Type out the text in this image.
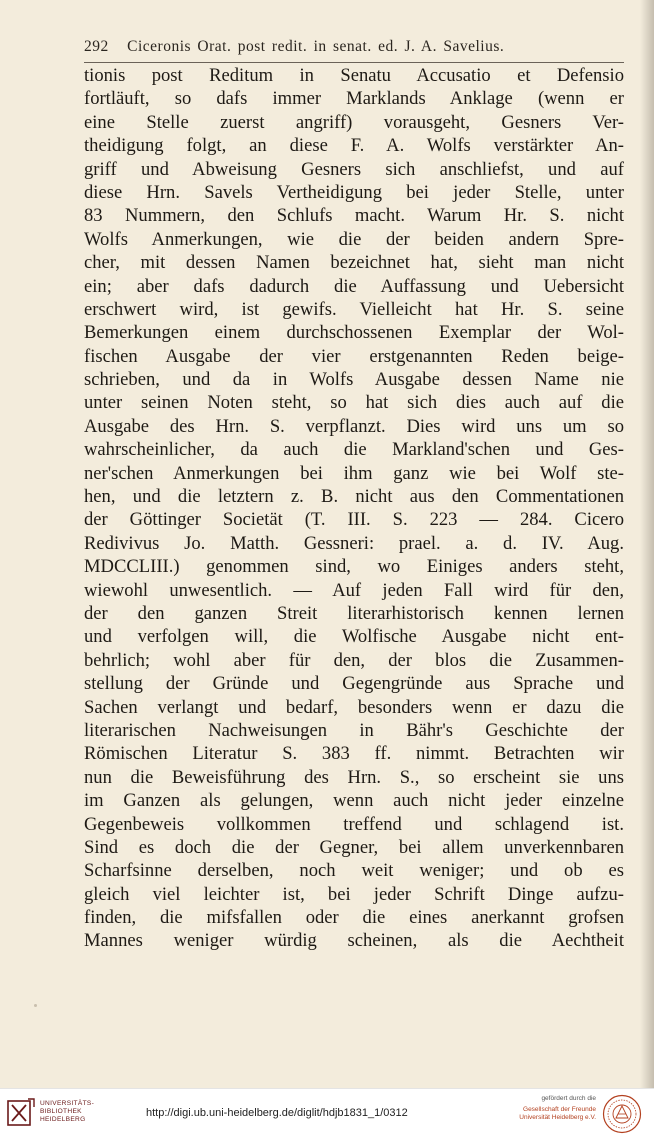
292 Ciceronis Orat. post redit. in senat. ed. J. A. Savelius.
tionis post Reditum in Senatu Accusatio et Defensio
fortläuft, so dafs immer Marklands Anklage (wenn er
eine Stelle zuerst angriff) vorausgeht, Gesners Ver-
theidigung folgt, an diese F. A. Wolfs verstärkter An-
griff und Abweisung Gesners sich anschliefst, und auf
diese Hrn. Savels Vertheidigung bei jeder Stelle, unter
83 Nummern, den Schlufs macht. Warum Hr. S. nicht
Wolfs Anmerkungen, wie die der beiden andern Spre-
cher, mit dessen Namen bezeichnet hat, sieht man nicht
ein; aber dafs dadurch die Auffassung und Uebersicht
erschwert wird, ist gewifs. Vielleicht hat Hr. S. seine
Bemerkungen einem durchschossenen Exemplar der Wol-
fischen Ausgabe der vier erstgenannten Reden beige-
schrieben, und da in Wolfs Ausgabe dessen Name nie
unter seinen Noten steht, so hat sich dies auch auf die
Ausgabe des Hrn. S. verpflanzt. Dies wird uns um so
wahrscheinlicher, da auch die Markland'schen und Ges-
ner'schen Anmerkungen bei ihm ganz wie bei Wolf ste-
hen, und die letztern z. B. nicht aus den Commentationen
der Göttinger Societät (T. III. S. 223 — 284. Cicero
Redivivus Jo. Matth. Gessneri: prael. a. d. IV. Aug.
MDCCLIII.) genommen sind, wo Einiges anders steht,
wiewohl unwesentlich. — Auf jeden Fall wird für den,
der den ganzen Streit literarhistorisch kennen lernen
und verfolgen will, die Wolfische Ausgabe nicht ent-
behrlich; wohl aber für den, der blos die Zusammen-
stellung der Gründe und Gegengründe aus Sprache und
Sachen verlangt und bedarf, besonders wenn er dazu die
literarischen Nachweisungen in Bähr's Geschichte der
Römischen Literatur S. 383 ff. nimmt. Betrachten wir
nun die Beweisführung des Hrn. S., so erscheint sie uns
im Ganzen als gelungen, wenn auch nicht jeder einzelne
Gegenbeweis vollkommen treffend und schlagend ist.
Sind es doch die der Gegner, bei allem unverkennbaren
Scharfsinne derselben, noch weit weniger; und ob es
gleich viel leichter ist, bei jeder Schrift Dinge aufzu-
finden, die mifsfallen oder die eines anerkannt grofsen
Mannes weniger würdig scheinen, als die Aechtheit
UNIVERSITÄTS-
BIBLIOTHEK
HEIDELBERG
http://digi.ub.uni-heidelberg.de/diglit/hdjb1831_1/0312
gefördert durch die
Gesellschaft der Freunde
Universität Heidelberg e.V.
